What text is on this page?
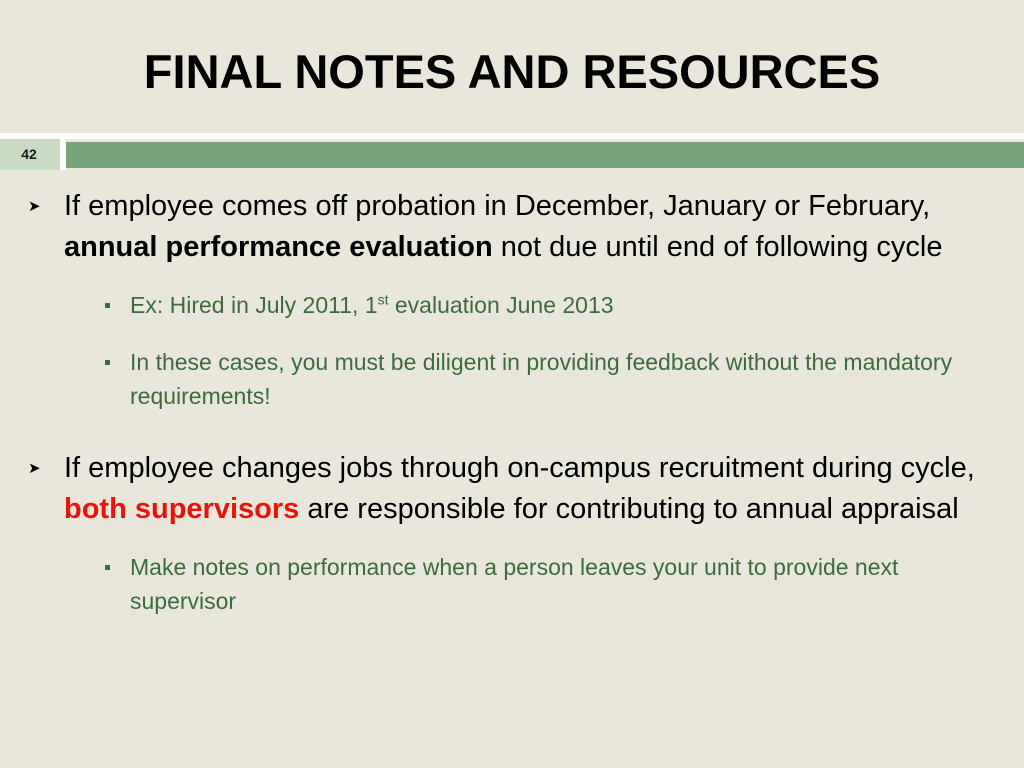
FINAL NOTES AND RESOURCES
42
➤ If employee comes off probation in December, January or February, annual performance evaluation not due until end of following cycle
Ex: Hired in July 2011, 1st evaluation June 2013
In these cases, you must be diligent in providing feedback without the mandatory requirements!
➤ If employee changes jobs through on-campus recruitment during cycle, both supervisors are responsible for contributing to annual appraisal
Make notes on performance when a person leaves your unit to provide next supervisor
